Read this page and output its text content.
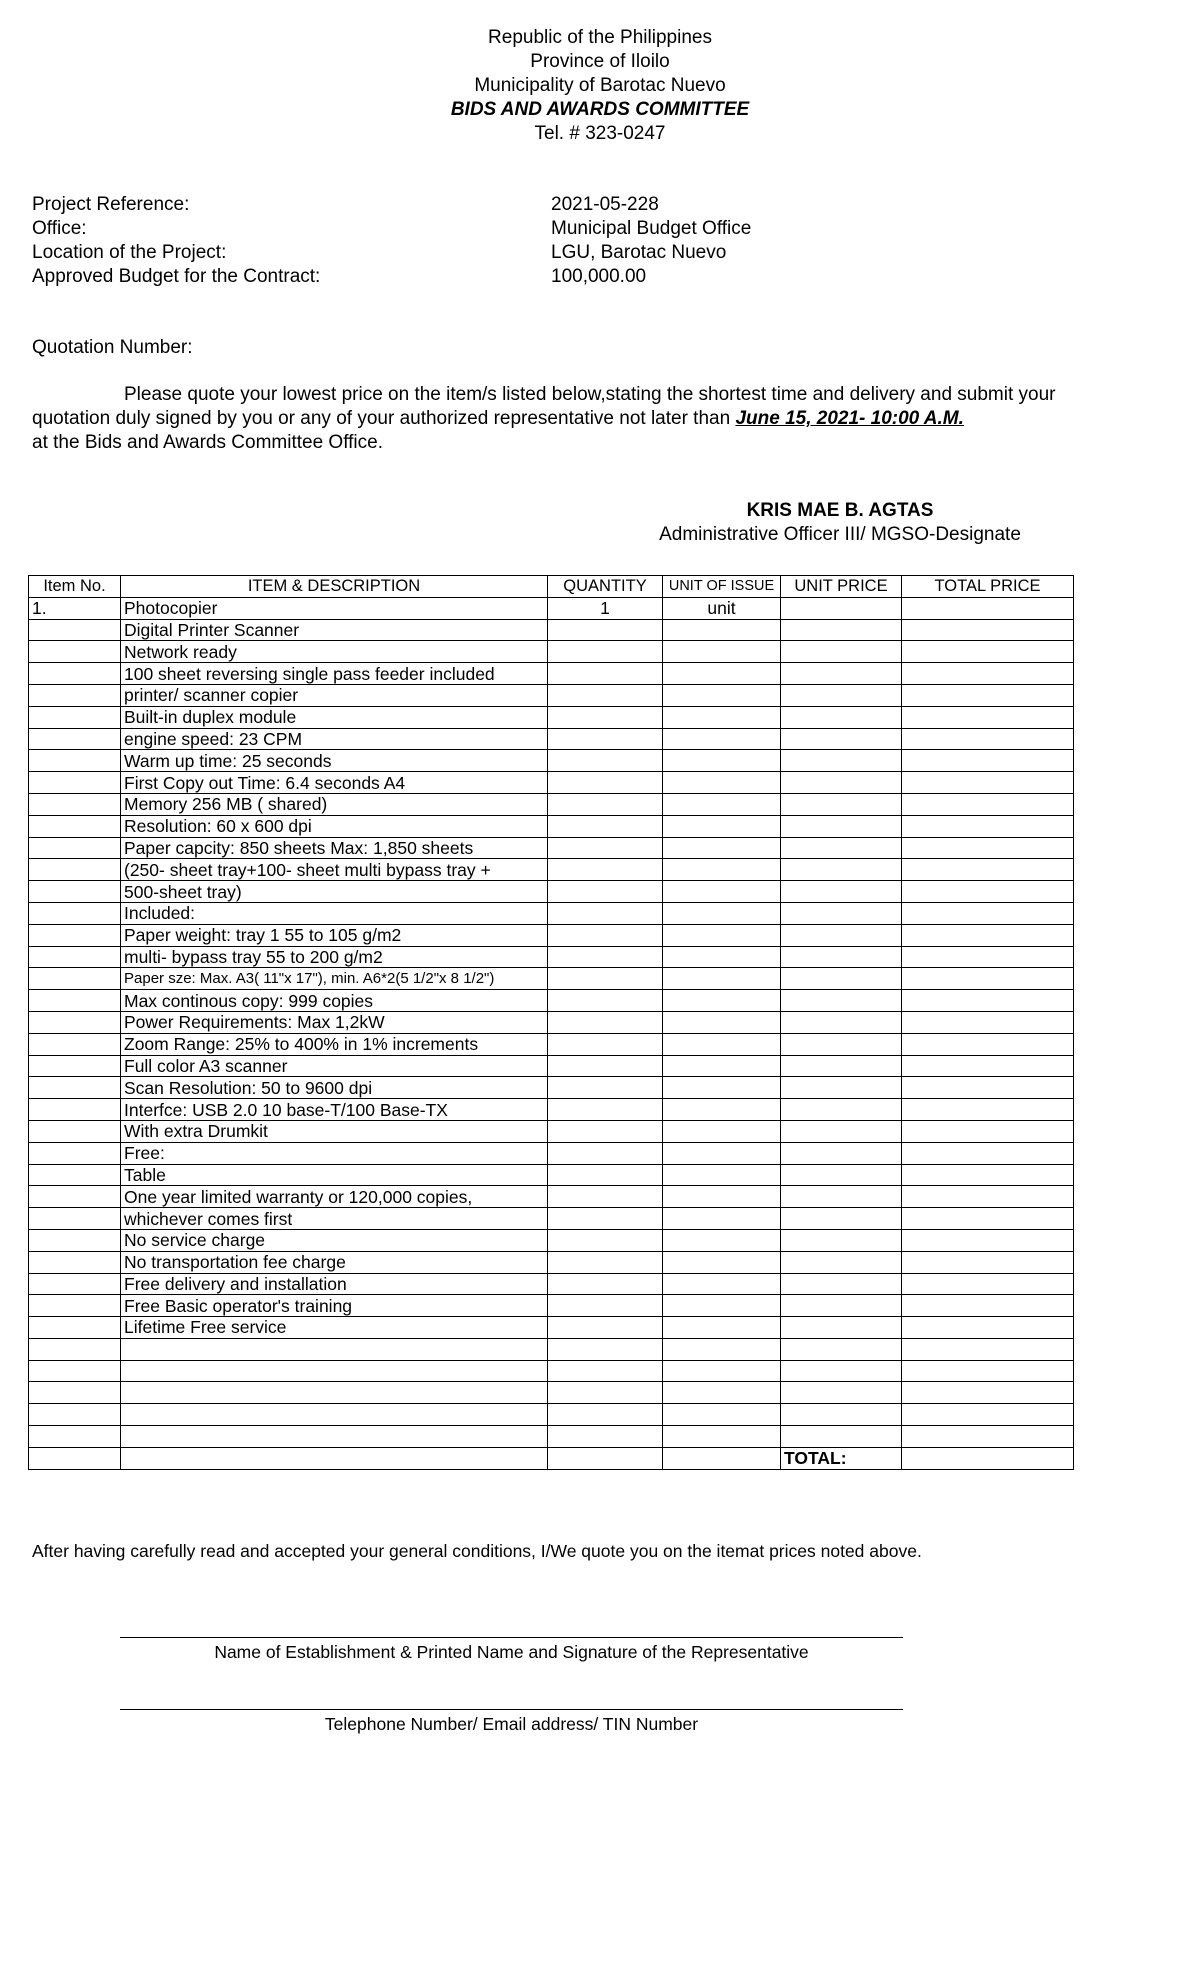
Republic of the Philippines
Province of Iloilo
Municipality of Barotac Nuevo
BIDS AND AWARDS COMMITTEE
Tel. # 323-0247
Project Reference:	2021-05-228
Office:	Municipal Budget Office
Location of the Project:	LGU, Barotac Nuevo
Approved Budget for the Contract:	100,000.00
Quotation Number:
Please quote your lowest price on the item/s listed below,stating the shortest time and delivery and submit your quotation duly signed by you or any of your authorized representative not later than June 15, 2021- 10:00 A.M.
at the Bids and Awards Committee Office.
KRIS MAE B. AGTAS
Administrative Officer III/ MGSO-Designate
Item No.	ITEM & DESCRIPTION	QUANTITY	UNIT OF ISSUE	UNIT PRICE	TOTAL PRICE
1.	Photocopier	1	unit		
	Digital Printer Scanner				
	Network ready				
	100 sheet reversing single pass feeder included				
	printer/ scanner copier				
	Built-in duplex module				
	engine speed: 23 CPM				
	Warm up time: 25 seconds				
	First Copy out Time: 6.4 seconds A4				
	Memory 256 MB ( shared)				
	Resolution: 60 x 600 dpi				
	Paper capcity: 850 sheets Max: 1,850 sheets				
	(250- sheet tray+100- sheet multi bypass tray +				
	500-sheet tray)				
	Included:				
	Paper weight: tray 1 55 to 105 g/m2				
	multi- bypass tray 55 to 200 g/m2				
	Paper sze: Max. A3( 11"x 17"), min. A6*2(5 1/2"x 8 1/2")				
	Max continous copy: 999 copies				
	Power Requirements: Max 1,2kW				
	Zoom Range: 25% to 400% in 1% increments				
	Full color A3 scanner				
	Scan Resolution: 50 to 9600 dpi				
	Interfce: USB 2.0 10 base-T/100 Base-TX				
	With extra Drumkit				
	Free:				
	Table				
	One year limited warranty or 120,000 copies,				
	whichever comes first				
	No service charge				
	No transportation fee charge				
	Free delivery and installation				
	Free Basic operator's training				
	Lifetime Free service				

				TOTAL:	
After having carefully read and accepted your general conditions, I/We quote you on the itemat prices noted above.
Name of Establishment & Printed Name and Signature of the Representative
Telephone Number/ Email address/ TIN Number
